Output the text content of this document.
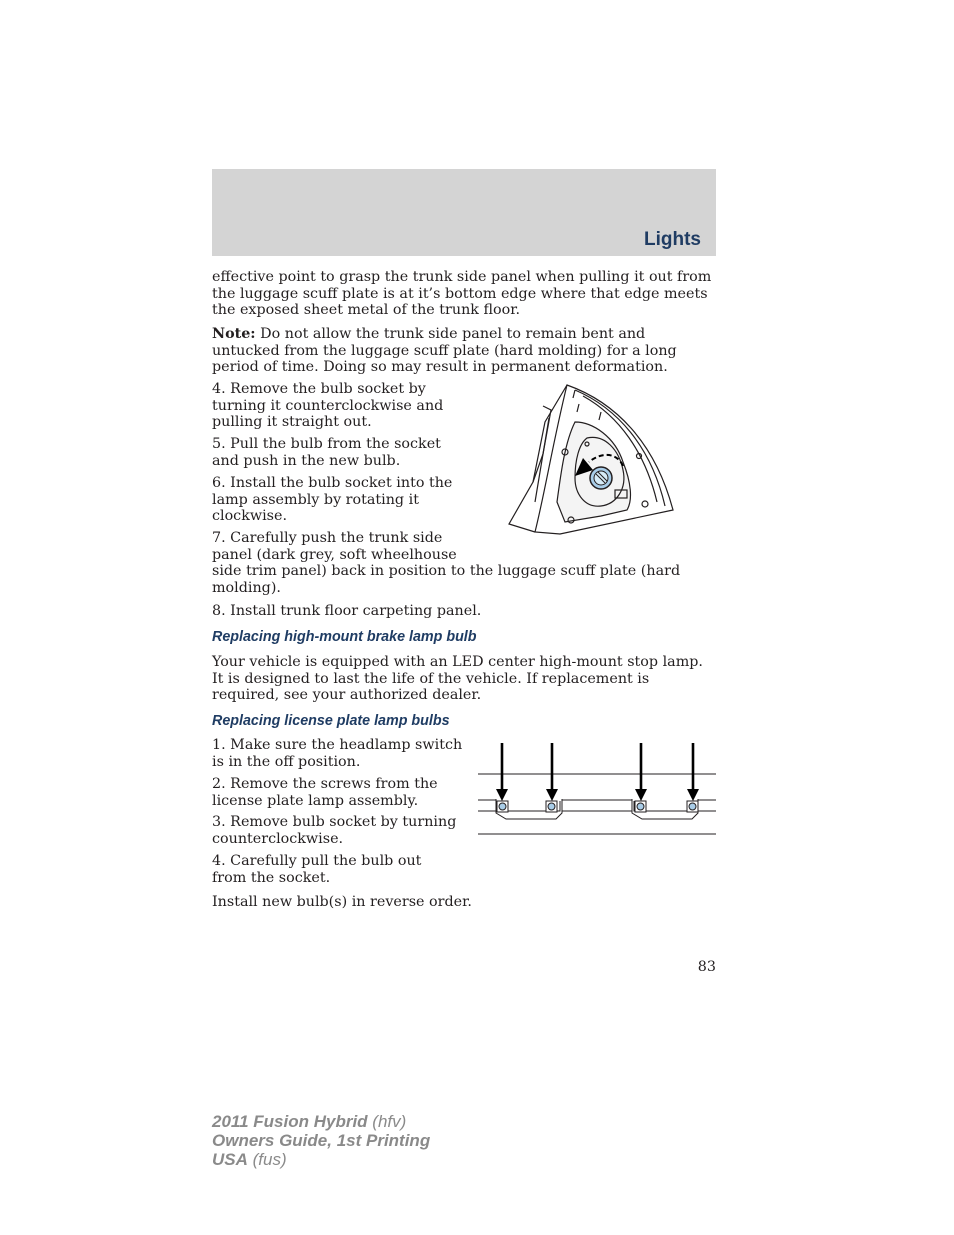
Lights

effective point to grasp the trunk side panel when pulling it out from the luggage scuff plate is at it’s bottom edge where that edge meets the exposed sheet metal of the trunk floor.

Note: Do not allow the trunk side panel to remain bent and untucked from the luggage scuff plate (hard molding) for a long period of time. Doing so may result in permanent deformation.

4. Remove the bulb socket by turning it counterclockwise and pulling it straight out.

5. Pull the bulb from the socket and push in the new bulb.

6. Install the bulb socket into the lamp assembly by rotating it clockwise.

7. Carefully push the trunk side panel (dark grey, soft wheelhouse

side trim panel) back in position to the luggage scuff plate (hard molding).

8. Install trunk floor carpeting panel.

Replacing high-mount brake lamp bulb

Your vehicle is equipped with an LED center high-mount stop lamp. It is designed to last the life of the vehicle. If replacement is required, see your authorized dealer.

Replacing license plate lamp bulbs

1. Make sure the headlamp switch is in the off position.

2. Remove the screws from the license plate lamp assembly.

3. Remove bulb socket by turning counterclockwise.

4. Carefully pull the bulb out from the socket.

Install new bulb(s) in reverse order.

83
2011 Fusion Hybrid (hfv)
Owners Guide, 1st Printing
USA (fus)
